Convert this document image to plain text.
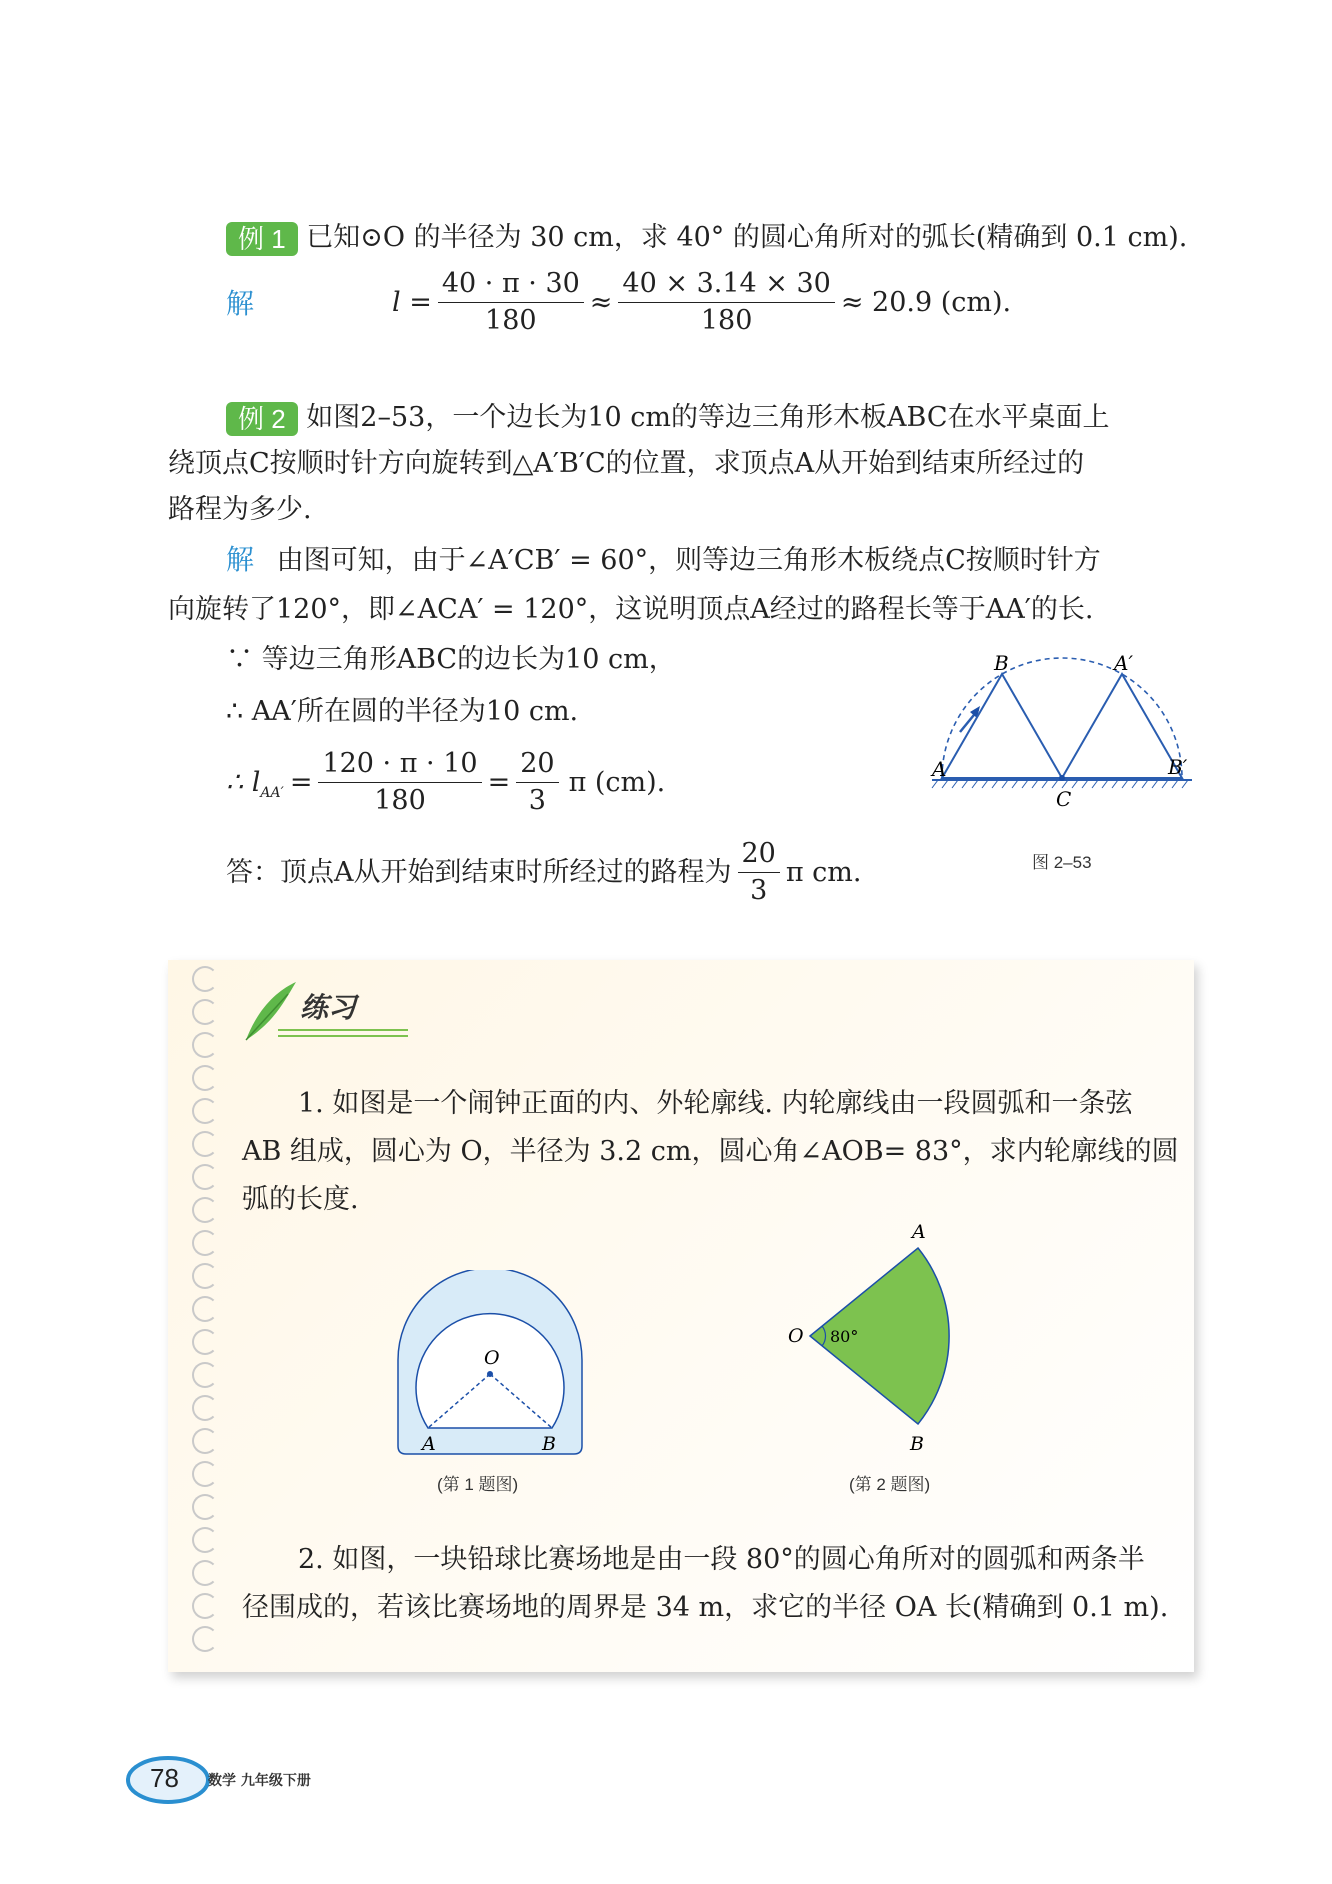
例 1 已知⊙O 的半径为 30 cm，求 40° 的圆心角所对的弧长(精确到 0.1 cm).
解	$l = \frac{40 \cdot \pi \cdot 30}{180} \approx \frac{40 \times 3.14 \times 30}{180} \approx 20.9$ (cm).
例 2 如图2–53，一个边长为10 cm的等边三角形木板ABC在水平桌面上
绕顶点C按顺时针方向旋转到△A′B′C的位置，求顶点A从开始到结束所经过的
路程为多少.
解 由图可知，由于∠A′CB′ = 60°，则等边三角形木板绕点C按顺时针方
向旋转了120°，即∠ACA′ = 120°，这说明顶点A经过的路程长等于AA′的长.
∵ 等边三角形ABC的边长为10 cm，
∴ AA′所在圆的半径为10 cm.
∴ l $AA' = \frac{120 \cdot \pi \cdot 10}{180} = \frac{20}{3}$ π (cm).
答：顶点A从开始到结束时所经过的路程为 $\frac{20}{3}$ π cm.
A
B
C
A′
B′
图 2–53
练习
1. 如图是一个闹钟正面的内、外轮廓线. 内轮廓线由一段圆弧和一条弦
AB 组成，圆心为 O，半径为 3.2 cm，圆心角∠AOB= 83°，求内轮廓线的圆
弧的长度.
O
A	B
(第 1 题图)
O
A
B
80°
(第 2 题图)
2. 如图，一块铅球比赛场地是由一段 80°的圆心角所对的圆弧和两条半
径围成的，若该比赛场地的周界是 34 m，求它的半径 OA 长(精确到 0.1 m).
78 数学 九年级下册
